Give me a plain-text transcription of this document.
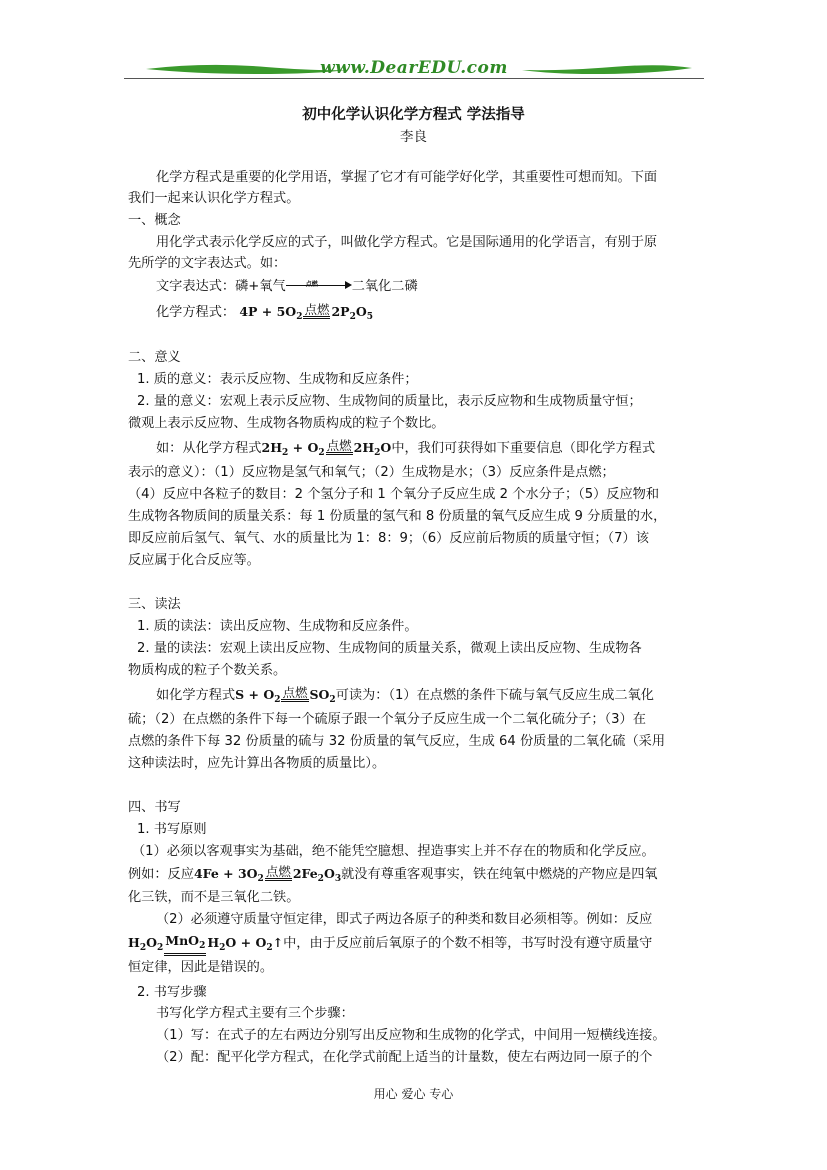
www.DearEDU.com
初中化学认识化学方程式 学法指导
李良
化学方程式是重要的化学用语，掌握了它才有可能学好化学，其重要性可想而知。下面
我们一起来认识化学方程式。
一、概念
用化学式表示化学反应的式子，叫做化学方程式。它是国际通用的化学语言，有别于原
先所学的文字表达式。如：
文字表达式：磷+氧气	二氧化二磷
化学方程式： $4P + 5O_2$ 点燃 $2P_2O_5$
二、意义
1. 质的意义：表示反应物、生成物和反应条件；
2. 量的意义：宏观上表示反应物、生成物间的质量比，表示反应物和生成物质量守恒；
微观上表示反应物、生成物各物质构成的粒子个数比。
如：从化学方程式$2H_2 + O_2$ 点燃 $2H_2O$中，我们可获得如下重要信息（即化学方程式
表示的意义）：（1）反应物是氢气和氧气；（2）生成物是水；（3）反应条件是点燃；
（4）反应中各粒子的数目：2 个氢分子和 1 个氧分子反应生成 2 个水分子；（5）反应物和
生成物各物质间的质量关系：每 1 份质量的氢气和 8 份质量的氧气反应生成 9 分质量的水，
即反应前后氢气、氧气、水的质量比为 1：8：9；（6）反应前后物质的质量守恒；（7）该
反应属于化合反应等。
三、读法
1. 质的读法：读出反应物、生成物和反应条件。
2. 量的读法：宏观上读出反应物、生成物间的质量关系，微观上读出反应物、生成物各
物质构成的粒子个数关系。
如化学方程式$S + O_2$ 点燃 $SO_2$可读为：（1）在点燃的条件下硫与氧气反应生成二氧化
硫；（2）在点燃的条件下每一个硫原子跟一个氧分子反应生成一个二氧化硫分子；（3）在
点燃的条件下每 32 份质量的硫与 32 份质量的氧气反应，生成 64 份质量的二氧化硫（采用
这种读法时，应先计算出各物质的质量比）。
四、书写
1. 书写原则
（1）必须以客观事实为基础，绝不能凭空臆想、捏造事实上并不存在的物质和化学反应。
例如：反应$4Fe + 3O_2$ 点燃 $2Fe_2O_3$就没有尊重客观事实，铁在纯氧中燃烧的产物应是四氧
化三铁，而不是三氧化二铁。
（2）必须遵守质量守恒定律，即式子两边各原子的种类和数目必须相等。例如：反应
$H_2O_2$ MnO$_2$ $H_2O$ + $O_2↑$中，由于反应前后氧原子的个数不相等，书写时没有遵守质量守
恒定律，因此是错误的。
2. 书写步骤
书写化学方程式主要有三个步骤：
（1）写：在式子的左右两边分别写出反应物和生成物的化学式，中间用一短横线连接。
（2）配：配平化学方程式，在化学式前配上适当的计量数，使左右两边同一原子的个
用心 爱心 专心
